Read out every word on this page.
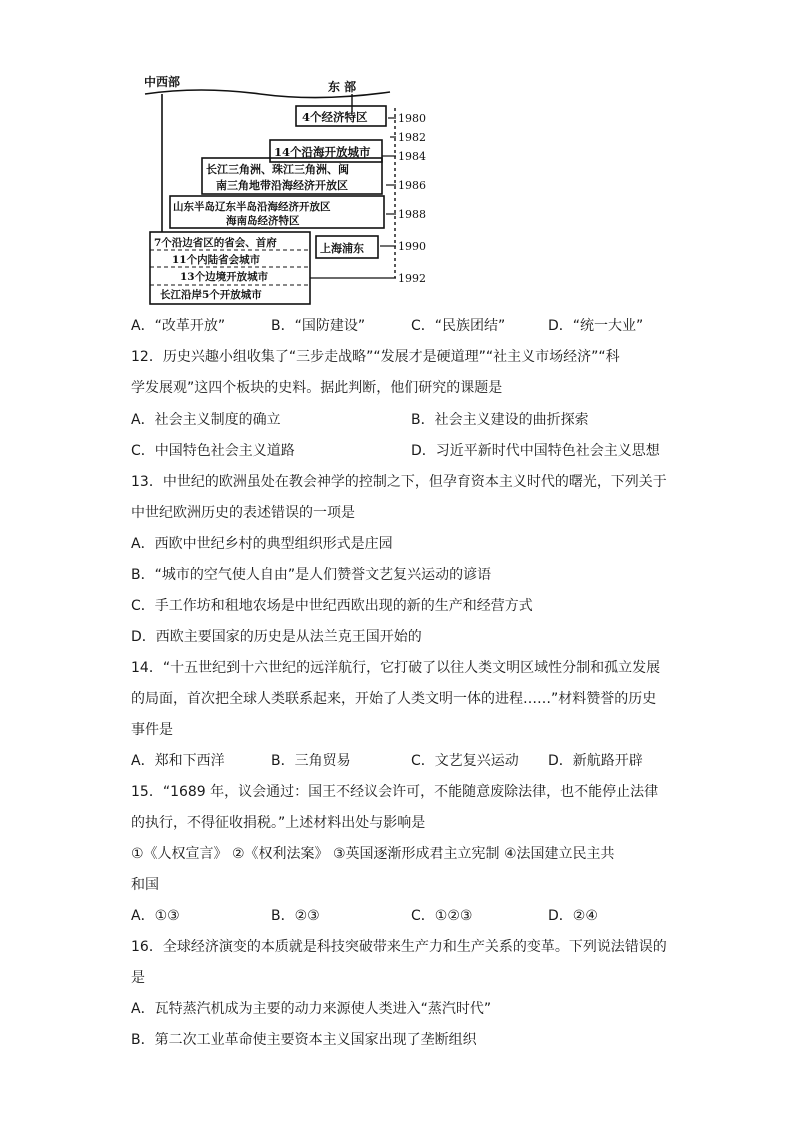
中西部	东 部
1980
1982
1984
1986
1988
1990
1992
4个经济特区
14个沿海开放城市
长江三角洲、珠江三角洲、闽
南三角地带沿海经济开放区
山东半岛辽东半岛沿海经济开放区
海南岛经济特区
上海浦东
7个沿边省区的省会、首府
11个内陆省会城市
13个边境开放城市
长江沿岸5个开放城市
A．“改革开放”	B．“国防建设”	C．“民族团结”	D．“统一大业”
12．历史兴趣小组收集了“三步走战略”“发展才是硬道理”“社主义市场经济”“科
学发展观”这四个板块的史料。据此判断，他们研究的课题是
A．社会主义制度的确立	B．社会主义建设的曲折探索
C．中国特色社会主义道路	D．习近平新时代中国特色社会主义思想
13．中世纪的欧洲虽处在教会神学的控制之下，但孕育资本主义时代的曙光，下列关于
中世纪欧洲历史的表述错误的一项是
A．西欧中世纪乡村的典型组织形式是庄园
B．“城市的空气使人自由”是人们赞誉文艺复兴运动的谚语
C．手工作坊和租地农场是中世纪西欧出现的新的生产和经营方式
D．西欧主要国家的历史是从法兰克王国开始的
14．“十五世纪到十六世纪的远洋航行，它打破了以往人类文明区域性分制和孤立发展
的局面，首次把全球人类联系起来，开始了人类文明一体的进程……”材料赞誉的历史
事件是
A．郑和下西洋	B．三角贸易	C．文艺复兴运动 D．新航路开辟
15．“1689 年，议会通过：国王不经议会许可，不能随意废除法律，也不能停止法律
的执行，不得征收捐税。”上述材料出处与影响是
①《人权宣言》 ②《权利法案》 ③英国逐渐形成君主立宪制 ④法国建立民主共
和国
A．①③	B．②③	C．①②③	D．②④
16．全球经济演变的本质就是科技突破带来生产力和生产关系的变革。下列说法错误的
是
A．瓦特蒸汽机成为主要的动力来源使人类进入“蒸汽时代”
B．第二次工业革命使主要资本主义国家出现了垄断组织
